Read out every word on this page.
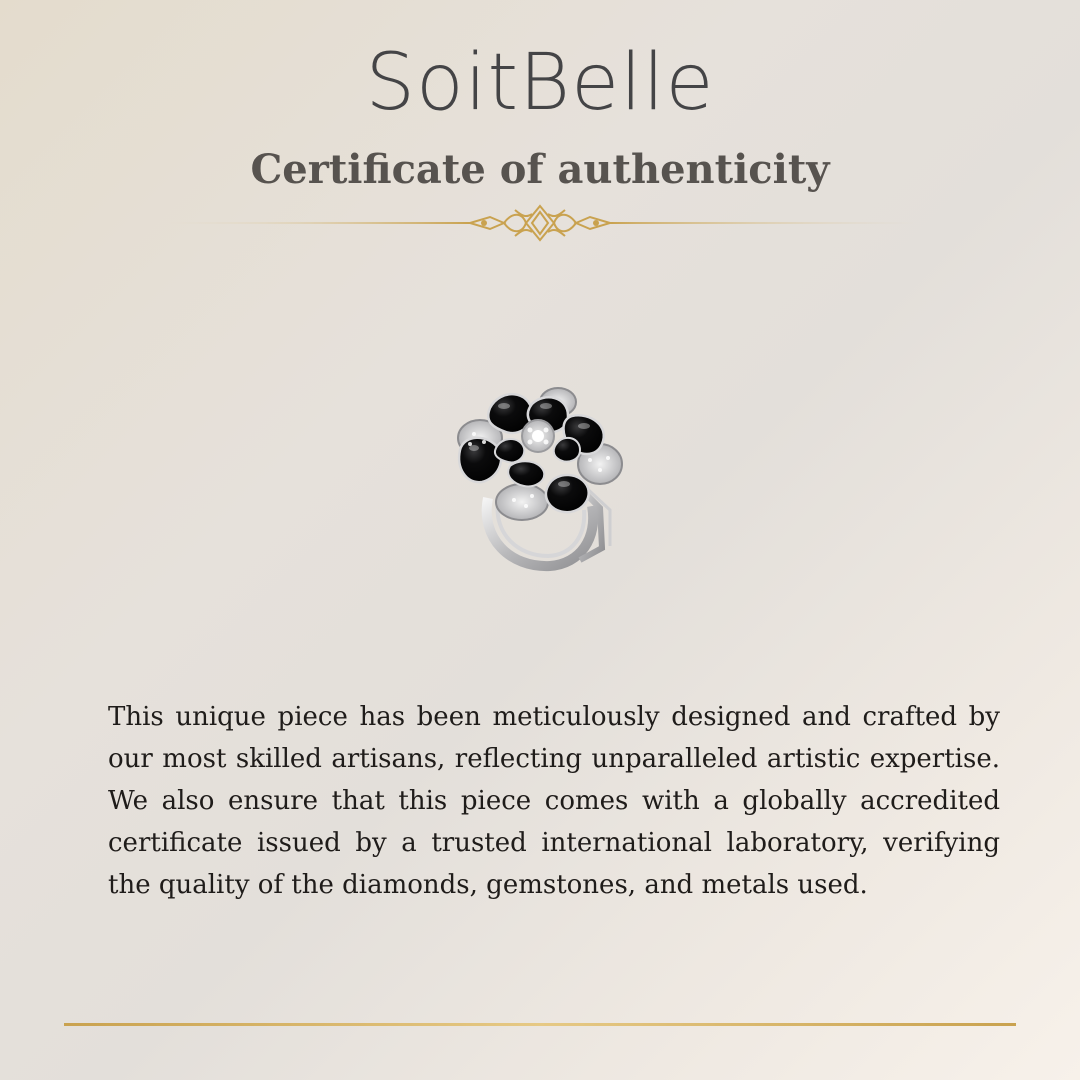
SoitBelle
Certificate of authenticity

This unique piece has been meticulously designed and crafted by our most skilled artisans, reflecting unparalleled artistic expertise. We also ensure that this piece comes with a globally accredited certificate issued by a trusted international laboratory, verifying the quality of the diamonds, gemstones, and metals used.
